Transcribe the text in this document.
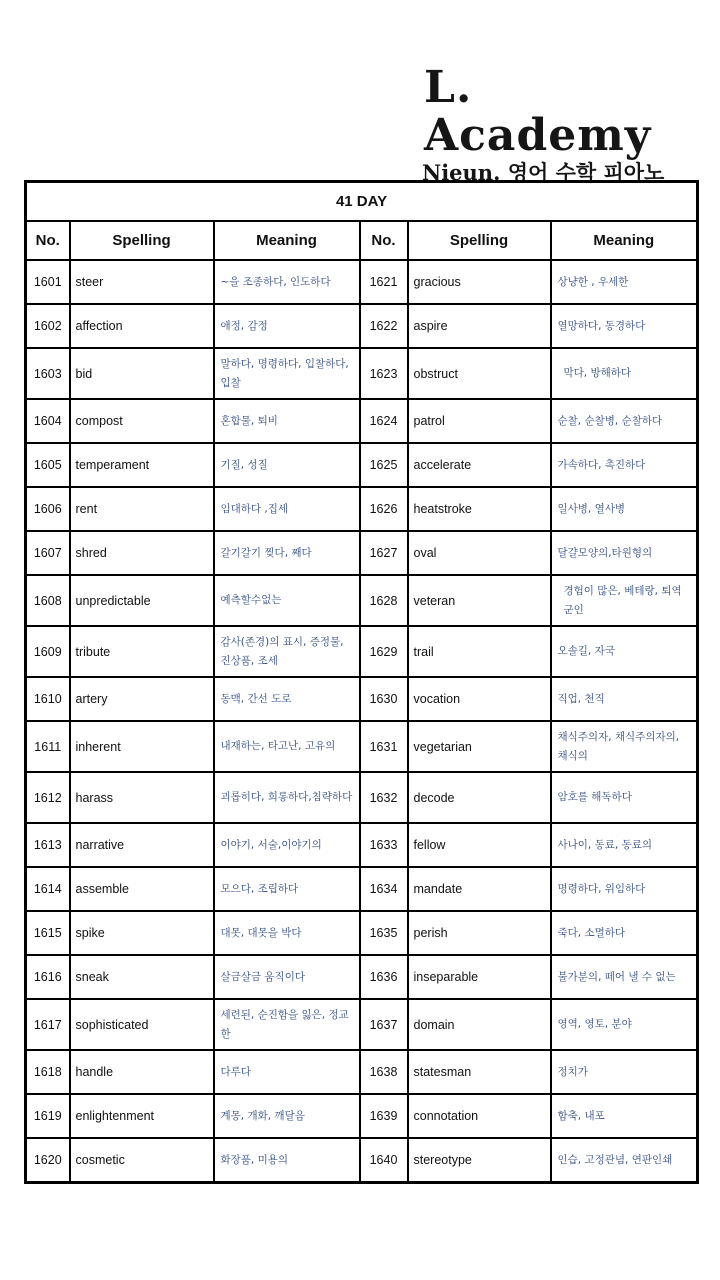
L. Academy
Nieun. 영어 수학 피아노
41 DAY					
No.	Spelling	Meaning	No.	Spelling	Meaning
1601	steer	~을 조종하다, 인도하다	1621	gracious	상냥한 , 우세한
1602	affection	애정, 감정	1622	aspire	열망하다, 동경하다
1603	bid	말하다, 명령하다, 입찰하다, 입찰	1623	obstruct	막다, 방해하다
1604	compost	혼합물, 퇴비	1624	patrol	순찰, 순찰병, 순찰하다
1605	temperament	기질, 성질	1625	accelerate	가속하다, 촉진하다
1606	rent	임대하다 ,집세	1626	heatstroke	일사병, 열사병
1607	shred	갈기갈기 찢다, 째다	1627	oval	달걀모양의,타원형의
1608	unpredictable	예측할수없는	1628	veteran	경험이 많은, 베테랑, 퇴역 군인
1609	tribute	감사(존경)의 표시, 증정물, 진상품, 조세	1629	trail	오솔길, 자국
1610	artery	동맥, 간선 도로	1630	vocation	직업, 천직
1611	inherent	내재하는, 타고난, 고유의	1631	vegetarian	채식주의자, 채식주의자의, 채식의
1612	harass	괴롭히다, 희롱하다,침략하다	1632	decode	암호를 해독하다
1613	narrative	이야기, 서술,이야기의	1633	fellow	사나이, 동료, 동료의
1614	assemble	모으다, 조립하다	1634	mandate	명령하다, 위임하다
1615	spike	대못, 대못을 박다	1635	perish	죽다, 소멸하다
1616	sneak	살금살금 움직이다	1636	inseparable	불가분의, 떼어 낼 수 없는
1617	sophisticated	세련된, 순진함을 잃은, 정교한	1637	domain	영역, 영토, 분야
1618	handle	다루다	1638	statesman	정치가
1619	enlightenment	계몽, 개화, 깨달음	1639	connotation	함축, 내포
1620	cosmetic	화장품, 미용의	1640	stereotype	인습, 고정관념, 연판인쇄
